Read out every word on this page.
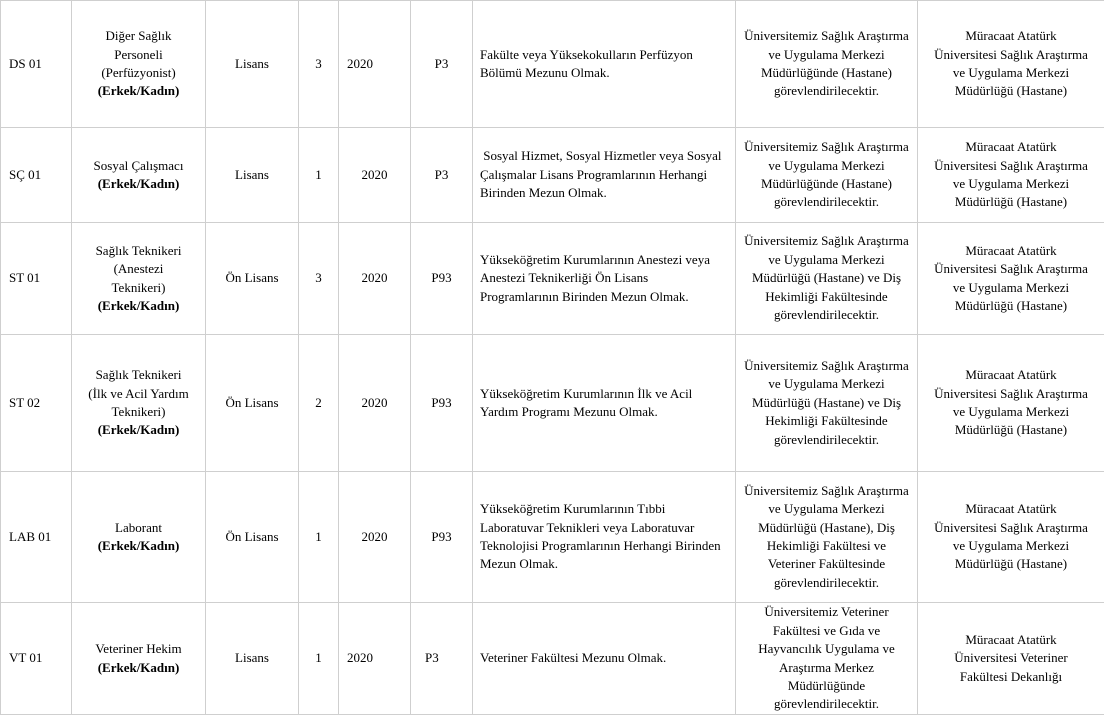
DS 01	Diğer Sağlık Personeli
(Perfüzyonist)
(Erkek/Kadın)	Lisans	3	2020	P3	Fakülte veya Yüksekokulların Perfüzyon Bölümü Mezunu Olmak.	Üniversitemiz Sağlık Araştırma ve Uygulama Merkezi Müdürlüğünde (Hastane) görevlendirilecektir.	Müracaat Atatürk Üniversitesi Sağlık Araştırma ve Uygulama Merkezi Müdürlüğü (Hastane)
SÇ 01	Sosyal Çalışmacı
(Erkek/Kadın)	Lisans	1	2020	P3	Sosyal Hizmet, Sosyal Hizmetler veya Sosyal Çalışmalar Lisans Programlarının Herhangi Birinden Mezun Olmak.	Üniversitemiz Sağlık Araştırma ve Uygulama Merkezi Müdürlüğünde (Hastane) görevlendirilecektir.	Müracaat Atatürk Üniversitesi Sağlık Araştırma ve Uygulama Merkezi Müdürlüğü (Hastane)
ST 01	Sağlık Teknikeri
(Anestezi
Teknikeri)
(Erkek/Kadın)	Ön Lisans	3	2020	P93	Yükseköğretim Kurumlarının Anestezi veya Anestezi Teknikerliği Ön Lisans Programlarının Birinden Mezun Olmak.	Üniversitemiz Sağlık Araştırma ve Uygulama Merkezi Müdürlüğü (Hastane) ve Diş Hekimliği Fakültesinde görevlendirilecektir.	Müracaat Atatürk Üniversitesi Sağlık Araştırma ve Uygulama Merkezi Müdürlüğü (Hastane)
ST 02	Sağlık Teknikeri
(İlk ve Acil Yardım
Teknikeri)
(Erkek/Kadın)	Ön Lisans	2	2020	P93	Yükseköğretim Kurumlarının İlk ve Acil Yardım Programı Mezunu Olmak.	Üniversitemiz Sağlık Araştırma ve Uygulama Merkezi Müdürlüğü (Hastane) ve Diş Hekimliği Fakültesinde görevlendirilecektir.	Müracaat Atatürk Üniversitesi Sağlık Araştırma ve Uygulama Merkezi Müdürlüğü (Hastane)
LAB 01	Laborant
(Erkek/Kadın)	Ön Lisans	1	2020	P93	Yükseköğretim Kurumlarının Tıbbi Laboratuvar Teknikleri veya Laboratuvar Teknolojisi Programlarının Herhangi Birinden Mezun Olmak.	Üniversitemiz Sağlık Araştırma ve Uygulama Merkezi Müdürlüğü (Hastane), Diş Hekimliği Fakültesi ve Veteriner Fakültesinde görevlendirilecektir.	Müracaat Atatürk Üniversitesi Sağlık Araştırma ve Uygulama Merkezi Müdürlüğü (Hastane)
VT 01	Veteriner Hekim
(Erkek/Kadın)	Lisans	1	2020	P3	Veteriner Fakültesi Mezunu Olmak.	Üniversitemiz Veteriner Fakültesi ve Gıda ve Hayvancılık Uygulama ve Araştırma Merkez Müdürlüğünde görevlendirilecektir.	Müracaat Atatürk Üniversitesi Veteriner Fakültesi Dekanlığı
